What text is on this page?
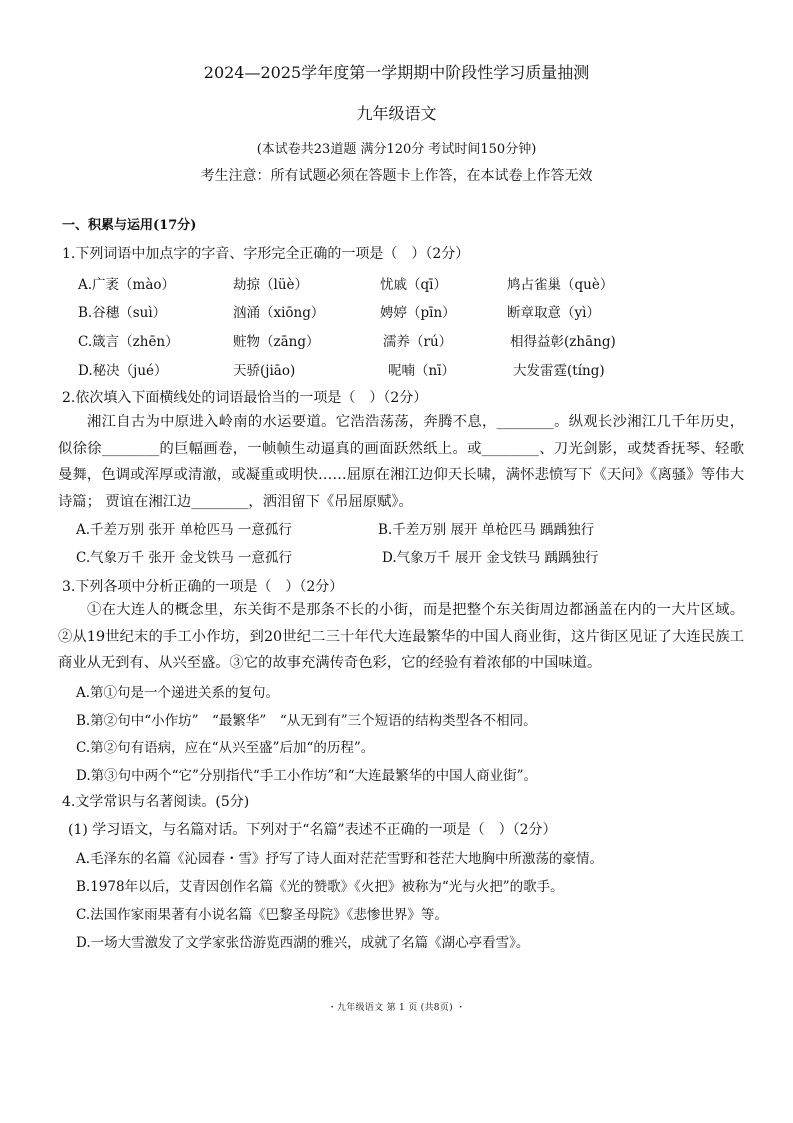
2024—2025学年度第一学期期中阶段性学习质量抽测
九年级语文
(本试卷共23道题 满分120分 考试时间150分钟)
考生注意：所有试题必须在答题卡上作答，在本试卷上作答无效
一、积累与运用(17分)
1.下列词语中加点字的字音、字形完全正确的一项是（　）（2分）
A.广袤（mào）	劫掠（lüè）	忧戚（qī）	鸠占雀巢（què）
B.谷穗（suì）	汹涌（xiōng）	娉婷（pīn）	断章取意（yì）
C.箴言（zhēn）	赃物（zāng）	濡养（rú）	相得益彰(zhāng)
D.秘决（jué）	天骄(jiāo)	呢喃（nī）	大发雷霆(tíng)
2.依次填入下面横线处的词语最恰当的一项是（　）（2分）
湘江自古为中原进入岭南的水运要道。它浩浩荡荡，奔腾不息，________。纵观长沙湘江几千年历史，似徐徐________的巨幅画卷，一帧帧生动逼真的画面跃然纸上。或________、刀光剑影，或焚香抚琴、轻歌曼舞，色调或浑厚或清澈，或凝重或明快……屈原在湘江边仰天长啸，满怀悲愤写下《天问》《离骚》等伟大诗篇； 贾谊在湘江边________，洒泪留下《吊屈原赋》。
A.千差万别 张开 单枪匹马 一意孤行	B.千差万别 展开 单枪匹马 踽踽独行
C.气象万千 张开 金戈铁马 一意孤行	D.气象万千 展开 金戈铁马 踽踽独行
3.下列各项中分析正确的一项是（　）（2分）
①在大连人的概念里，东关街不是那条不长的小街，而是把整个东关街周边都涵盖在内的一大片区域。②从19世纪末的手工小作坊，到20世纪二三十年代大连最繁华的中国人商业街，这片街区见证了大连民族工商业从无到有、从兴至盛。③它的故事充满传奇色彩，它的经验有着浓郁的中国味道。
A.第①句是一个递进关系的复句。
B.第②句中“小作坊”　“最繁华”　“从无到有”三个短语的结构类型各不相同。
C.第②句有语病，应在“从兴至盛”后加“的历程”。
D.第③句中两个“它”分别指代“手工小作坊”和“大连最繁华的中国人商业街”。
4.文学常识与名著阅读。(5分)
(1) 学习语文，与名篇对话。下列对于“名篇”表述不正确的一项是（　）（2分）
A.毛泽东的名篇《沁园春・雪》抒写了诗人面对茫茫雪野和苍茫大地胸中所激荡的豪情。
B.1978年以后，艾青因创作名篇《光的赞歌》《火把》被称为“光与火把”的歌手。
C.法国作家雨果著有小说名篇《巴黎圣母院》《悲惨世界》等。
D.一场大雪激发了文学家张岱游览西湖的雅兴，成就了名篇《湖心亭看雪》。
・九年级语文 第 1 页 (共8页) ・
